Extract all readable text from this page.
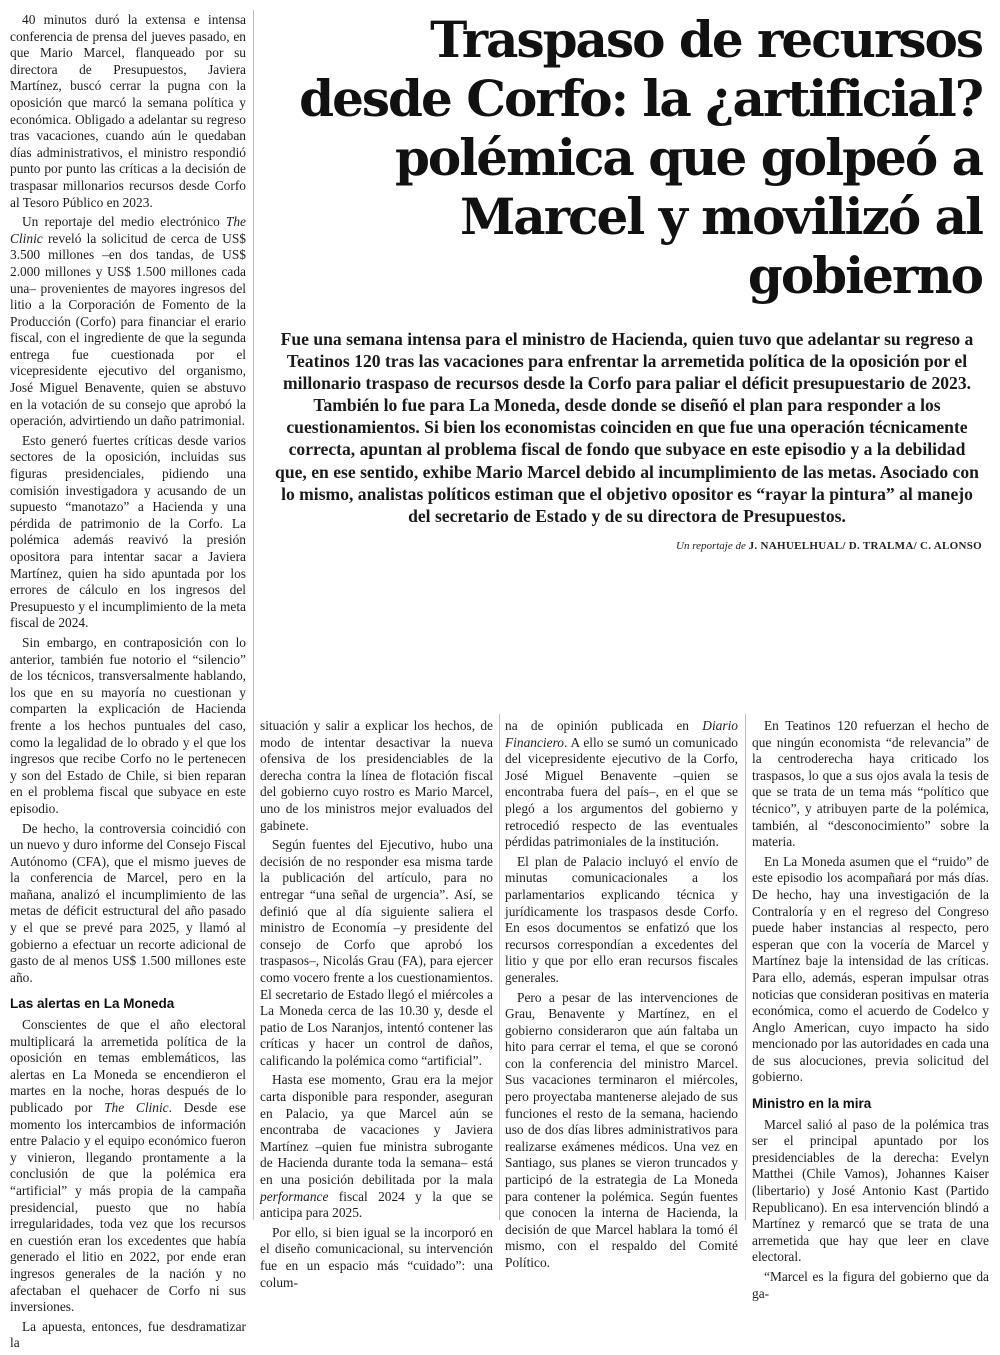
40 minutos duró la extensa e intensa conferencia de prensa del jueves pasado, en que Mario Marcel, flanqueado por su directora de Presupuestos, Javiera Martínez, buscó cerrar la pugna con la oposición que marcó la semana política y económica. Obligado a adelantar su regreso tras vacaciones, cuando aún le quedaban días administrativos, el ministro respondió punto por punto las críticas a la decisión de traspasar millonarios recursos desde Corfo al Tesoro Público en 2023.

Un reportaje del medio electrónico The Clinic reveló la solicitud de cerca de US$ 3.500 millones –en dos tandas, de US$ 2.000 millones y US$ 1.500 millones cada una– provenientes de mayores ingresos del litio a la Corporación de Fomento de la Producción (Corfo) para financiar el erario fiscal, con el ingrediente de que la segunda entrega fue cuestionada por el vicepresidente ejecutivo del organismo, José Miguel Benavente, quien se abstuvo en la votación de su consejo que aprobó la operación, advirtiendo un daño patrimonial.

Esto generó fuertes críticas desde varios sectores de la oposición, incluidas sus figuras presidenciales, pidiendo una comisión investigadora y acusando de un supuesto “manotazo” a Hacienda y una pérdida de patrimonio de la Corfo. La polémica además reavivó la presión opositora para intentar sacar a Javiera Martínez, quien ha sido apuntada por los errores de cálculo en los ingresos del Presupuesto y el incumplimiento de la meta fiscal de 2024.

Sin embargo, en contraposición con lo anterior, también fue notorio el “silencio” de los técnicos, transversalmente hablando, los que en su mayoría no cuestionan y comparten la explicación de Hacienda frente a los hechos puntuales del caso, como la legalidad de lo obrado y el que los ingresos que recibe Corfo no le pertenecen y son del Estado de Chile, si bien reparan en el problema fiscal que subyace en este episodio.

De hecho, la controversia coincidió con un nuevo y duro informe del Consejo Fiscal Autónomo (CFA), que el mismo jueves de la conferencia de Marcel, pero en la mañana, analizó el incumplimiento de las metas de déficit estructural del año pasado y el que se prevé para 2025, y llamó al gobierno a efectuar un recorte adicional de gasto de al menos US$ 1.500 millones este año.

Las alertas en La Moneda

Conscientes de que el año electoral multiplicará la arremetida política de la oposición en temas emblemáticos, las alertas en La Moneda se encendieron el martes en la noche, horas después de lo publicado por The Clinic. Desde ese momento los intercambios de información entre Palacio y el equipo económico fueron y vinieron, llegando prontamente a la conclusión de que la polémica era “artificial” y más propia de la campaña presidencial, puesto que no había irregularidades, toda vez que los recursos en cuestión eran los excedentes que había generado el litio en 2022, por ende eran ingresos generales de la nación y no afectaban el quehacer de Corfo ni sus inversiones.

La apuesta, entonces, fue desdramatizar la

Traspaso de recursos desde Corfo: la ¿artificial? polémica que golpeó a Marcel y movilizó al gobierno

Fue una semana intensa para el ministro de Hacienda, quien tuvo que adelantar su regreso a Teatinos 120 tras las vacaciones para enfrentar la arremetida política de la oposición por el millonario traspaso de recursos desde la Corfo para paliar el déficit presupuestario de 2023. También lo fue para La Moneda, desde donde se diseñó el plan para responder a los cuestionamientos. Si bien los economistas coinciden en que fue una operación técnicamente correcta, apuntan al problema fiscal de fondo que subyace en este episodio y a la debilidad que, en ese sentido, exhibe Mario Marcel debido al incumplimiento de las metas. Asociado con lo mismo, analistas políticos estiman que el objetivo opositor es “rayar la pintura” al manejo del secretario de Estado y de su directora de Presupuestos.

Un reportaje de J. NAHUELHUAL/ D. TRALMA/ C. ALONSO

situación y salir a explicar los hechos, de modo de intentar desactivar la nueva ofensiva de los presidenciables de la derecha contra la línea de flotación fiscal del gobierno cuyo rostro es Mario Marcel, uno de los ministros mejor evaluados del gabinete.

Según fuentes del Ejecutivo, hubo una decisión de no responder esa misma tarde la publicación del artículo, para no entregar “una señal de urgencia”. Así, se definió que al día siguiente saliera el ministro de Economía –y presidente del consejo de Corfo que aprobó los traspasos–, Nicolás Grau (FA), para ejercer como vocero frente a los cuestionamientos. El secretario de Estado llegó el miércoles a La Moneda cerca de las 10.30 y, desde el patio de Los Naranjos, intentó contener las críticas y hacer un control de daños, calificando la polémica como “artificial”.

Hasta ese momento, Grau era la mejor carta disponible para responder, aseguran en Palacio, ya que Marcel aún se encontraba de vacaciones y Javiera Martínez –quien fue ministra subrogante de Hacienda durante toda la semana– está en una posición debilitada por la mala performance fiscal 2024 y la que se anticipa para 2025.

Por ello, si bien igual se la incorporó en el diseño comunicacional, su intervención fue en un espacio más “cuidado”: una colum-

na de opinión publicada en Diario Financiero. A ello se sumó un comunicado del vicepresidente ejecutivo de la Corfo, José Miguel Benavente –quien se encontraba fuera del país–, en el que se plegó a los argumentos del gobierno y retrocedió respecto de las eventuales pérdidas patrimoniales de la institución.

El plan de Palacio incluyó el envío de minutas comunicacionales a los parlamentarios explicando técnica y jurídicamente los traspasos desde Corfo. En esos documentos se enfatizó que los recursos correspondían a excedentes del litio y que por ello eran recursos fiscales generales.

Pero a pesar de las intervenciones de Grau, Benavente y Martínez, en el gobierno consideraron que aún faltaba un hito para cerrar el tema, el que se coronó con la conferencia del ministro Marcel. Sus vacaciones terminaron el miércoles, pero proyectaba mantenerse alejado de sus funciones el resto de la semana, haciendo uso de dos días libres administrativos para realizarse exámenes médicos. Una vez en Santiago, sus planes se vieron truncados y participó de la estrategia de La Moneda para contener la polémica. Según fuentes que conocen la interna de Hacienda, la decisión de que Marcel hablara la tomó él mismo, con el respaldo del Comité Político.

En Teatinos 120 refuerzan el hecho de que ningún economista “de relevancia” de la centroderecha haya criticado los traspasos, lo que a sus ojos avala la tesis de que se trata de un tema más “político que técnico”, y atribuyen parte de la polémica, también, al “desconocimiento” sobre la materia.

En La Moneda asumen que el “ruido” de este episodio los acompañará por más días. De hecho, hay una investigación de la Contraloría y en el regreso del Congreso puede haber instancias al respecto, pero esperan que con la vocería de Marcel y Martínez baje la intensidad de las críticas. Para ello, además, esperan impulsar otras noticias que consideran positivas en materia económica, como el acuerdo de Codelco y Anglo American, cuyo impacto ha sido mencionado por las autoridades en cada una de sus alocuciones, previa solicitud del gobierno.

Ministro en la mira

Marcel salió al paso de la polémica tras ser el principal apuntado por los presidenciables de la derecha: Evelyn Matthei (Chile Vamos), Johannes Kaiser (libertario) y José Antonio Kast (Partido Republicano). En esa intervención blindó a Martínez y remarcó que se trata de una arremetida que hay que leer en clave electoral.

“Marcel es la figura del gobierno que da ga-
